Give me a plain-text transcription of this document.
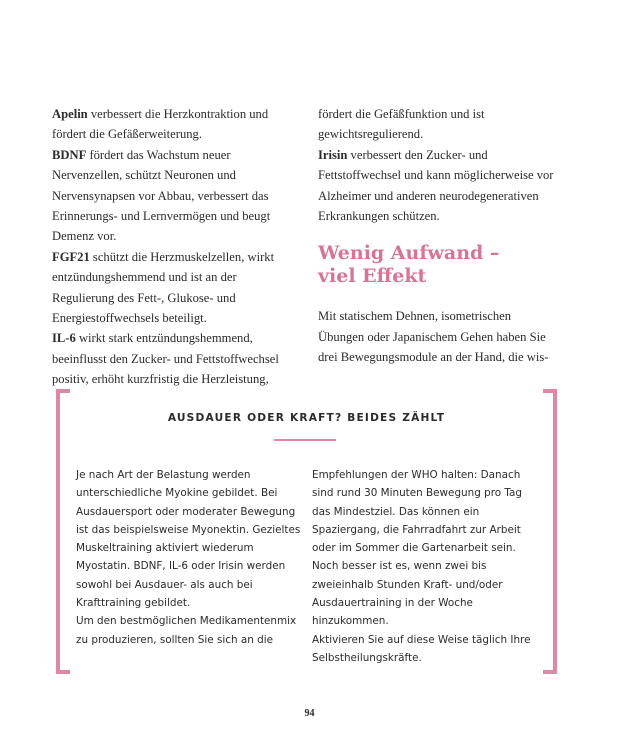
Apelin verbessert die Herzkontraktion und fördert die Gefäßerweiterung.

BDNF fördert das Wachstum neuer Nervenzellen, schützt Neuronen und Nervensynapsen vor Abbau, verbessert das Erinnerungs- und Lernvermögen und beugt Demenz vor.

FGF21 schützt die Herzmuskelzellen, wirkt entzündungshemmend und ist an der Regulierung des Fett-, Glukose- und Energiestoffwechsels beteiligt.

IL-6 wirkt stark entzündungshemmend, beeinflusst den Zucker- und Fettstoffwechsel positiv, erhöht kurzfristig die Herzleistung,

fördert die Gefäßfunktion und ist gewichtsregulierend.

Irisin verbessert den Zucker- und Fettstoffwechsel und kann möglicherweise vor Alzheimer und anderen neurodegenerativen Erkrankungen schützen.

Wenig Aufwand –
viel Effekt

Mit statischem Dehnen, isometrischen Übungen oder Japanischem Gehen haben Sie drei Bewegungsmodule an der Hand, die wis-

AUSDAUER ODER KRAFT? BEIDES ZÄHLT

Je nach Art der Belastung werden unterschiedliche Myokine gebildet. Bei Ausdauersport oder moderater Bewegung ist das beispielsweise Myonektin. Gezieltes Muskeltraining aktiviert wiederum Myostatin. BDNF, IL-6 oder Irisin werden sowohl bei Ausdauer- als auch bei Krafttraining gebildet.

Um den bestmöglichen Medikamentenmix zu produzieren, sollten Sie sich an die

Empfehlungen der WHO halten: Danach sind rund 30 Minuten Bewegung pro Tag das Mindestziel. Das können ein Spaziergang, die Fahrradfahrt zur Arbeit oder im Sommer die Gartenarbeit sein. Noch besser ist es, wenn zwei bis zweieinhalb Stunden Kraft- und/oder Ausdauertraining in der Woche hinzukommen.

Aktivieren Sie auf diese Weise täglich Ihre Selbstheilungskräfte.

94
